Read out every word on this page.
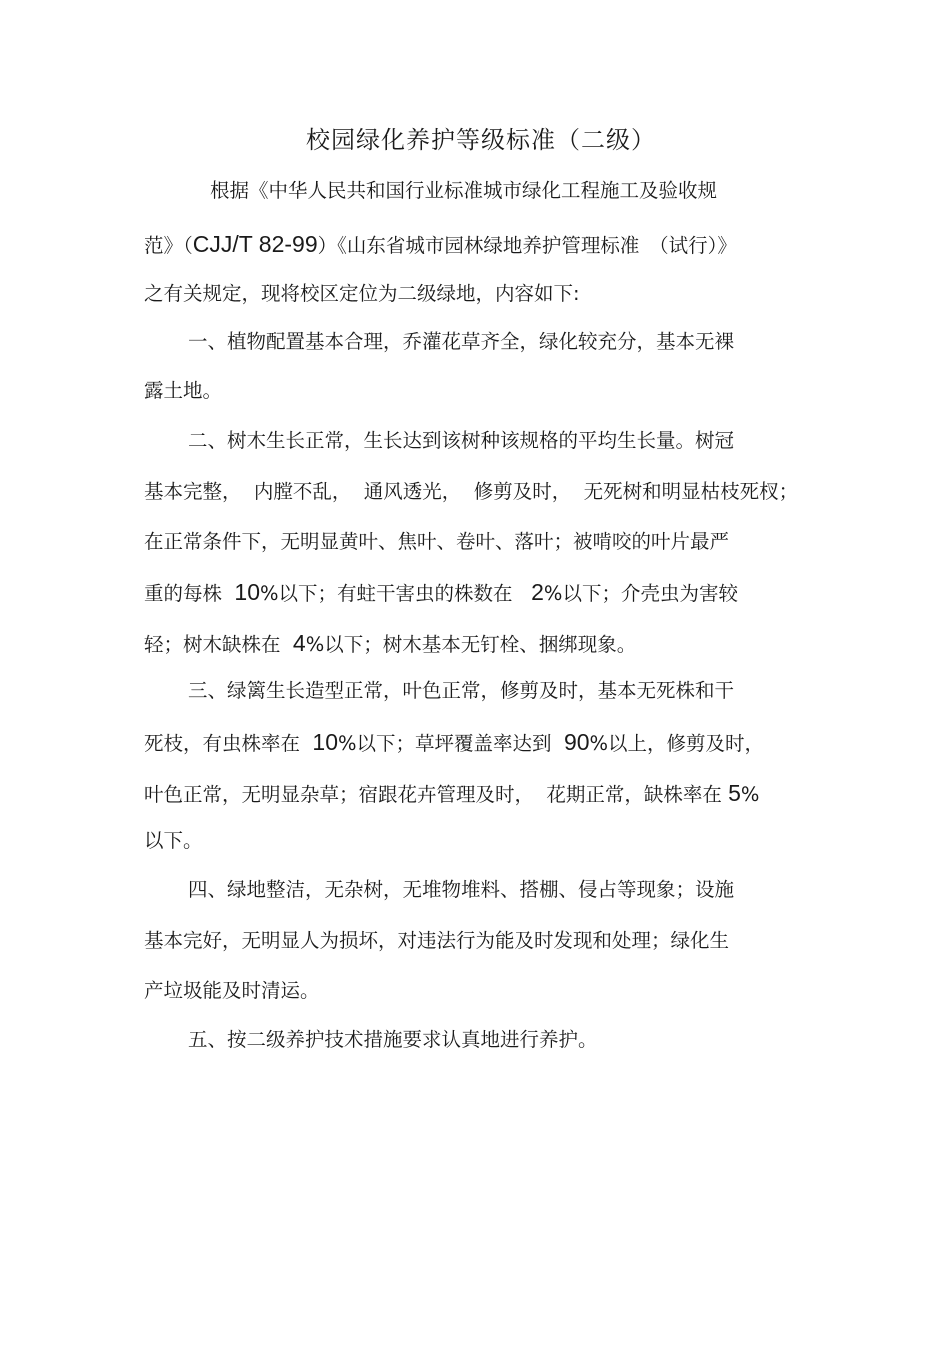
校园绿化养护等级标准（二级）
根据《中华人民共和国行业标准城市绿化工程施工及验收规
范》（CJJ/T 82-99）《山东省城市园林绿地养护管理标准　（试行）》
之有关规定，现将校区定位为二级绿地，内容如下:
一、植物配置基本合理，乔灌花草齐全，绿化较充分，基本无裸
露土地。
二、树木生长正常，生长达到该树种该规格的平均生长量。树冠
基本完整，  内膛不乱，  通风透光，  修剪及时，  无死树和明显枯枝死杈；
在正常条件下，无明显黄叶、焦叶、卷叶、落叶；被啃咬的叶片最严
重的每株  10%以下；有蛀干害虫的株数在   2%以下；介壳虫为害较
轻；树木缺株在  4%以下；树木基本无钉栓、捆绑现象。
三、绿篱生长造型正常，叶色正常，修剪及时，基本无死株和干
死枝，有虫株率在  10%以下；草坪覆盖率达到  90%以上，修剪及时，
叶色正常，无明显杂草；宿跟花卉管理及时，  花期正常，缺株率在 5%
以下。
四、绿地整洁，无杂树，无堆物堆料、搭棚、侵占等现象；设施
基本完好，无明显人为损坏，对违法行为能及时发现和处理；绿化生
产垃圾能及时清运。
五、按二级养护技术措施要求认真地进行养护。
